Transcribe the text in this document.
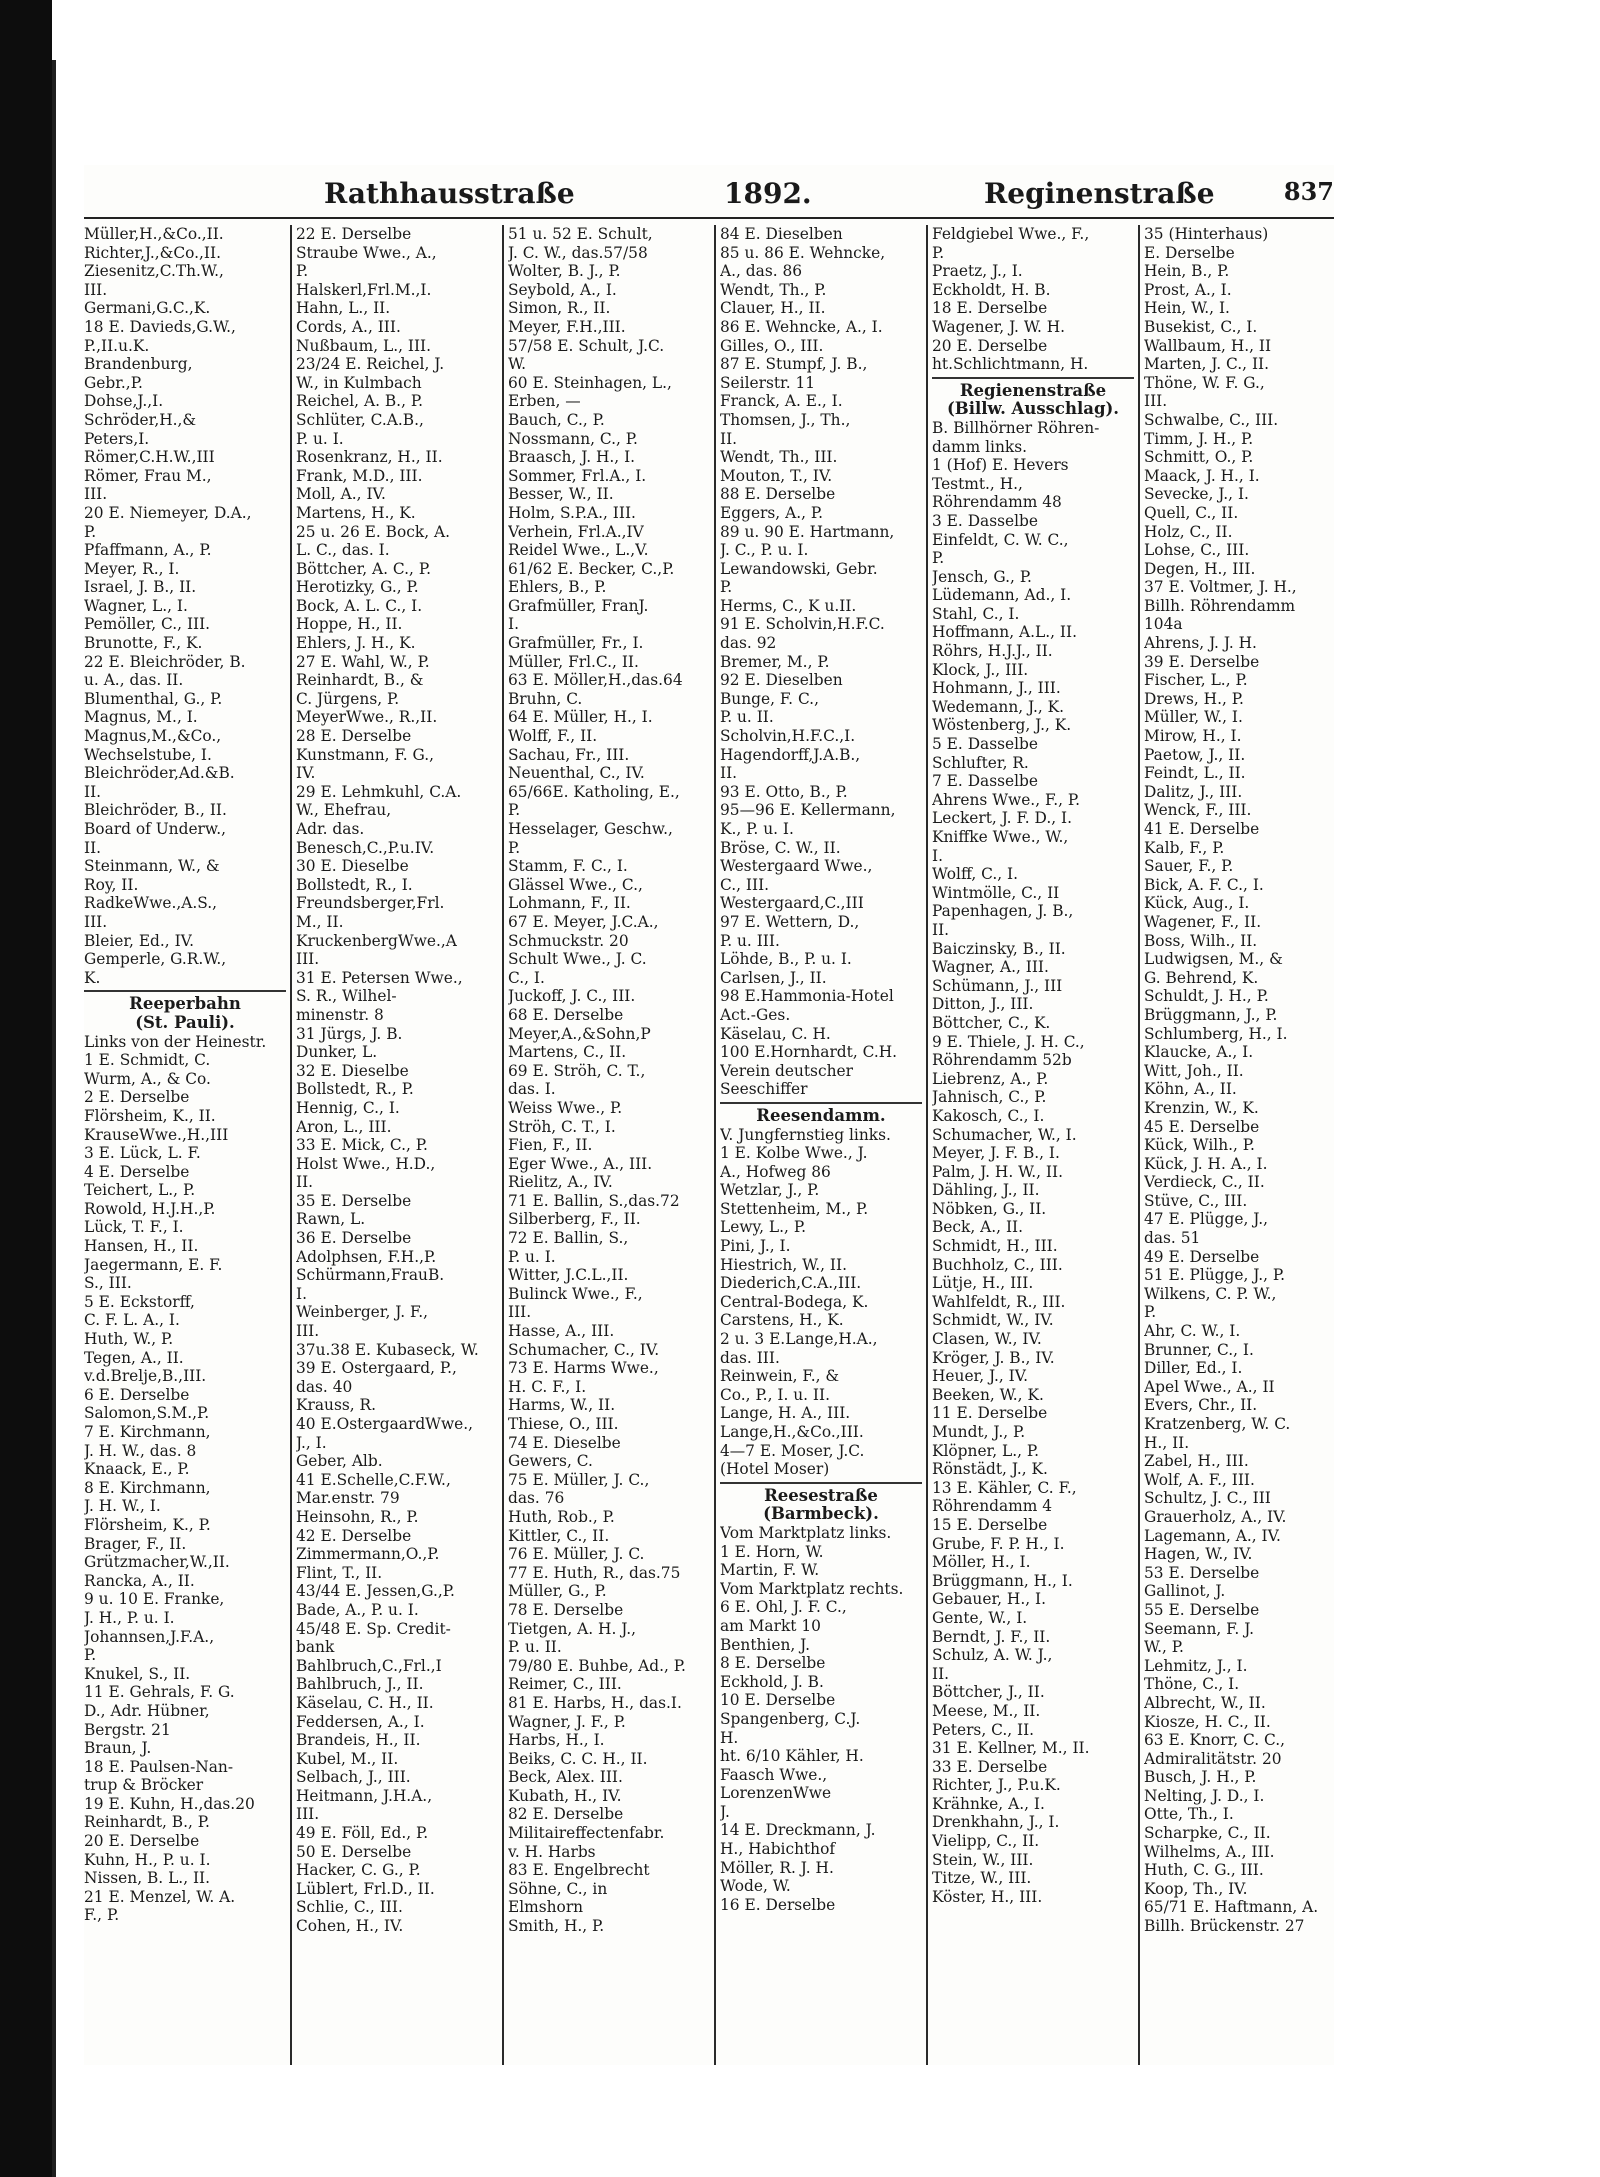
Rathhausstraße	1892.	Reginenstraße	837
Müller,H.,&Co.,II.
Richter,J.,&Co.,II.
Ziesenitz,C.Th.W.,
III.
Germani,G.C.,K.
18 E. Davieds,G.W.,
P.,II.u.K.
Brandenburg,
Gebr.,P.
Dohse,J.,I.
Schröder,H.,&
Peters,I.
Römer,C.H.W.,III
Römer, Frau M.,
III.
20 E. Niemeyer, D.A.,
P.
Pfaffmann, A., P.
Meyer, R., I.
Israel, J. B., II.
Wagner, L., I.
Pemöller, C., III.
Brunotte, F., K.
22 E. Bleichröder, B.
u. A., das. II.
Blumenthal, G., P.
Magnus, M., I.
Magnus,M.,&Co.,
Wechselstube, I.
Bleichröder,Ad.&B.
II.
Bleichröder, B., II.
Board of Underw.,
II.
Steinmann, W., &
Roy, II.
RadkeWwe.,A.S.,
III.
Bleier, Ed., IV.
Gemperle, G.R.W.,
K.
Reeperbahn
(St. Pauli).
Links von der Heinestr.
1 E. Schmidt, C.
Wurm, A., & Co.
2 E. Derselbe
Flörsheim, K., II.
KrauseWwe.,H.,III
3 E. Lück, L. F.
4 E. Derselbe
Teichert, L., P.
Rowold, H.J.H.,P.
Lück, T. F., I.
Hansen, H., II.
Jaegermann, E. F.
S., III.
5 E. Eckstorff,
C. F. L. A., I.
Huth, W., P.
Tegen, A., II.
v.d.Brelje,B.,III.
6 E. Derselbe
Salomon,S.M.,P.
7 E. Kirchmann,
J. H. W., das. 8
Knaack, E., P.
8 E. Kirchmann,
J. H. W., I.
Flörsheim, K., P.
Brager, F., II.
Grützmacher,W.,II.
Rancka, A., II.
9 u. 10 E. Franke,
J. H., P. u. I.
Johannsen,J.F.A.,
P.
Knukel, S., II.
11 E. Gehrals, F. G.
D., Adr. Hübner,
Bergstr. 21
Braun, J.
18 E. Paulsen-Nan-
trup & Bröcker
19 E. Kuhn, H.,das.20
Reinhardt, B., P.
20 E. Derselbe
Kuhn, H., P. u. I.
Nissen, B. L., II.
21 E. Menzel, W. A.
F., P.
22 E. Derselbe
Straube Wwe., A.,
P.
Halskerl,Frl.M.,I.
Hahn, L., II.
Cords, A., III.
Nußbaum, L., III.
23/24 E. Reichel, J.
W., in Kulmbach
Reichel, A. B., P.
Schlüter, C.A.B.,
P. u. I.
Rosenkranz, H., II.
Frank, M.D., III.
Moll, A., IV.
Martens, H., K.
25 u. 26 E. Bock, A.
L. C., das. I.
Böttcher, A. C., P.
Herotizky, G., P.
Bock, A. L. C., I.
Hoppe, H., II.
Ehlers, J. H., K.
27 E. Wahl, W., P.
Reinhardt, B., &
C. Jürgens, P.
MeyerWwe., R.,II.
28 E. Derselbe
Kunstmann, F. G.,
IV.
29 E. Lehmkuhl, C.A.
W., Ehefrau,
Adr. das.
Benesch,C.,P.u.IV.
30 E. Dieselbe
Bollstedt, R., I.
Freundsberger,Frl.
M., II.
KruckenbergWwe.,A
III.
31 E. Petersen Wwe.,
S. R., Wilhel-
minenstr. 8
31 Jürgs, J. B.
Dunker, L.
32 E. Dieselbe
Bollstedt, R., P.
Hennig, C., I.
Aron, L., III.
33 E. Mick, C., P.
Holst Wwe., H.D.,
II.
35 E. Derselbe
Rawn, L.
36 E. Derselbe
Adolphsen, F.H.,P.
Schürmann,FrauB.
I.
Weinberger, J. F.,
III.
37u.38 E. Kubaseck, W.
39 E. Ostergaard, P.,
das. 40
Krauss, R.
40 E.OstergaardWwe.,
J., I.
Geber, Alb.
41 E.Schelle,C.F.W.,
Mar.enstr. 79
Heinsohn, R., P.
42 E. Derselbe
Zimmermann,O.,P.
Flint, T., II.
43/44 E. Jessen,G.,P.
Bade, A., P. u. I.
45/48 E. Sp. Credit-
bank
Bahlbruch,C.,Frl.,I
Bahlbruch, J., II.
Käselau, C. H., II.
Feddersen, A., I.
Brandeis, H., II.
Kubel, M., II.
Selbach, J., III.
Heitmann, J.H.A.,
III.
49 E. Föll, Ed., P.
50 E. Derselbe
Hacker, C. G., P.
Lüblert, Frl.D., II.
Schlie, C., III.
Cohen, H., IV.
51 u. 52 E. Schult,
J. C. W., das.57/58
Wolter, B. J., P.
Seybold, A., I.
Simon, R., II.
Meyer, F.H.,III.
57/58 E. Schult, J.C.
W.
60 E. Steinhagen, L.,
Erben, —
Bauch, C., P.
Nossmann, C., P.
Braasch, J. H., I.
Sommer, Frl.A., I.
Besser, W., II.
Holm, S.P.A., III.
Verhein, Frl.A.,IV
Reidel Wwe., L.,V.
61/62 E. Becker, C.,P.
Ehlers, B., P.
Grafmüller, FranJ.
I.
Grafmüller, Fr., I.
Müller, Frl.C., II.
63 E. Möller,H.,das.64
Bruhn, C.
64 E. Müller, H., I.
Wolff, F., II.
Sachau, Fr., III.
Neuenthal, C., IV.
65/66E. Katholing, E.,
P.
Hesselager, Geschw.,
P.
Stamm, F. C., I.
Glässel Wwe., C.,
Lohmann, F., II.
67 E. Meyer, J.C.A.,
Schmuckstr. 20
Schult Wwe., J. C.
C., I.
Juckoff, J. C., III.
68 E. Derselbe
Meyer,A.,&Sohn,P
Martens, C., II.
69 E. Ströh, C. T.,
das. I.
Weiss Wwe., P.
Ströh, C. T., I.
Fien, F., II.
Eger Wwe., A., III.
Rielitz, A., IV.
71 E. Ballin, S.,das.72
Silberberg, F., II.
72 E. Ballin, S.,
P. u. I.
Witter, J.C.L.,II.
Bulinck Wwe., F.,
III.
Hasse, A., III.
Schumacher, C., IV.
73 E. Harms Wwe.,
H. C. F., I.
Harms, W., II.
Thiese, O., III.
74 E. Dieselbe
Gewers, C.
75 E. Müller, J. C.,
das. 76
Huth, Rob., P.
Kittler, C., II.
76 E. Müller, J. C.
77 E. Huth, R., das.75
Müller, G., P.
78 E. Derselbe
Tietgen, A. H. J.,
P. u. II.
79/80 E. Buhbe, Ad., P.
Reimer, C., III.
81 E. Harbs, H., das.I.
Wagner, J. F., P.
Harbs, H., I.
Beiks, C. C. H., II.
Beck, Alex. III.
Kubath, H., IV.
82 E. Derselbe
Militaireffectenfabr.
v. H. Harbs
83 E. Engelbrecht
Söhne, C., in
Elmshorn
Smith, H., P.
84 E. Dieselben
85 u. 86 E. Wehncke,
A., das. 86
Wendt, Th., P.
Clauer, H., II.
86 E. Wehncke, A., I.
Gilles, O., III.
87 E. Stumpf, J. B.,
Seilerstr. 11
Franck, A. E., I.
Thomsen, J., Th.,
II.
Wendt, Th., III.
Mouton, T., IV.
88 E. Derselbe
Eggers, A., P.
89 u. 90 E. Hartmann,
J. C., P. u. I.
Lewandowski, Gebr.
P.
Herms, C., K u.II.
91 E. Scholvin,H.F.C.
das. 92
Bremer, M., P.
92 E. Dieselben
Bunge, F. C.,
P. u. II.
Scholvin,H.F.C.,I.
Hagendorff,J.A.B.,
II.
93 E. Otto, B., P.
95—96 E. Kellermann,
K., P. u. I.
Bröse, C. W., II.
Westergaard Wwe.,
C., III.
Westergaard,C.,III
97 E. Wettern, D.,
P. u. III.
Löhde, B., P. u. I.
Carlsen, J., II.
98 E.Hammonia-Hotel
Act.-Ges.
Käselau, C. H.
100 E.Hornhardt, C.H.
Verein deutscher
Seeschiffer
Reesendamm.
V. Jungfernstieg links.
1 E. Kolbe Wwe., J.
A., Hofweg 86
Wetzlar, J., P.
Stettenheim, M., P.
Lewy, L., P.
Pini, J., I.
Hiestrich, W., II.
Diederich,C.A.,III.
Central-Bodega, K.
Carstens, H., K.
2 u. 3 E.Lange,H.A.,
das. III.
Reinwein, F., &
Co., P., I. u. II.
Lange, H. A., III.
Lange,H.,&Co.,III.
4—7 E. Moser, J.C.
(Hotel Moser)
Reesestraße
(Barmbeck).
Vom Marktplatz links.
1 E. Horn, W.
Martin, F. W.
Vom Marktplatz rechts.
6 E. Ohl, J. F. C.,
am Markt 10
Benthien, J.
8 E. Derselbe
Eckhold, J. B.
10 E. Derselbe
Spangenberg, C.J.
H.
ht. 6/10 Kähler, H.
Faasch Wwe.,
LorenzenWwe
J.
14 E. Dreckmann, J.
H., Habichthof
Möller, R. J. H.
Wode, W.
16 E. Derselbe
Feldgiebel Wwe., F.,
P.
Praetz, J., I.
Eckholdt, H. B.
18 E. Derselbe
Wagener, J. W. H.
20 E. Derselbe
ht.Schlichtmann, H.
Regienenstraße
(Billw. Ausschlag).
B. Billhörner Röhren-
damm links.
1 (Hof) E. Hevers
Testmt., H.,
Röhrendamm 48
3 E. Dasselbe
Einfeldt, C. W. C.,
P.
Jensch, G., P.
Lüdemann, Ad., I.
Stahl, C., I.
Hoffmann, A.L., II.
Röhrs, H.J.J., II.
Klock, J., III.
Hohmann, J., III.
Wedemann, J., K.
Wöstenberg, J., K.
5 E. Dasselbe
Schlufter, R.
7 E. Dasselbe
Ahrens Wwe., F., P.
Leckert, J. F. D., I.
Kniffke Wwe., W.,
I.
Wolff, C., I.
Wintmölle, C., II
Papenhagen, J. B.,
II.
Baiczinsky, B., II.
Wagner, A., III.
Schümann, J., III
Ditton, J., III.
Böttcher, C., K.
9 E. Thiele, J. H. C.,
Röhrendamm 52b
Liebrenz, A., P.
Jahnisch, C., P.
Kakosch, C., I.
Schumacher, W., I.
Meyer, J. F. B., I.
Palm, J. H. W., II.
Dähling, J., II.
Nöbken, G., II.
Beck, A., II.
Schmidt, H., III.
Buchholz, C., III.
Lütje, H., III.
Wahlfeldt, R., III.
Schmidt, W., IV.
Clasen, W., IV.
Kröger, J. B., IV.
Heuer, J., IV.
Beeken, W., K.
11 E. Derselbe
Mundt, J., P.
Klöpner, L., P.
Rönstädt, J., K.
13 E. Kähler, C. F.,
Röhrendamm 4
15 E. Derselbe
Grube, F. P. H., I.
Möller, H., I.
Brüggmann, H., I.
Gebauer, H., I.
Gente, W., I.
Berndt, J. F., II.
Schulz, A. W. J.,
II.
Böttcher, J., II.
Meese, M., II.
Peters, C., II.
31 E. Kellner, M., II.
33 E. Derselbe
Richter, J., P.u.K.
Krähnke, A., I.
Drenkhahn, J., I.
Vielipp, C., II.
Stein, W., III.
Titze, W., III.
Köster, H., III.
35 (Hinterhaus)
E. Derselbe
Hein, B., P.
Prost, A., I.
Hein, W., I.
Busekist, C., I.
Wallbaum, H., II
Marten, J. C., II.
Thöne, W. F. G.,
III.
Schwalbe, C., III.
Timm, J. H., P.
Schmitt, O., P.
Maack, J. H., I.
Sevecke, J., I.
Quell, C., II.
Holz, C., II.
Lohse, C., III.
Degen, H., III.
37 E. Voltmer, J. H.,
Billh. Röhrendamm
104a
Ahrens, J. J. H.
39 E. Derselbe
Fischer, L., P.
Drews, H., P.
Müller, W., I.
Mirow, H., I.
Paetow, J., II.
Feindt, L., II.
Dalitz, J., III.
Wenck, F., III.
41 E. Derselbe
Kalb, F., P.
Sauer, F., P.
Bick, A. F. C., I.
Kück, Aug., I.
Wagener, F., II.
Boss, Wilh., II.
Ludwigsen, M., &
G. Behrend, K.
Schuldt, J. H., P.
Brüggmann, J., P.
Schlumberg, H., I.
Klaucke, A., I.
Witt, Joh., II.
Köhn, A., II.
Krenzin, W., K.
45 E. Derselbe
Kück, Wilh., P.
Kück, J. H. A., I.
Verdieck, C., II.
Stüve, C., III.
47 E. Plügge, J.,
das. 51
49 E. Derselbe
51 E. Plügge, J., P.
Wilkens, C. P. W.,
P.
Ahr, C. W., I.
Brunner, C., I.
Diller, Ed., I.
Apel Wwe., A., II
Evers, Chr., II.
Kratzenberg, W. C.
H., II.
Zabel, H., III.
Wolf, A. F., III.
Schultz, J. C., III
Grauerholz, A., IV.
Lagemann, A., IV.
Hagen, W., IV.
53 E. Derselbe
Gallinot, J.
55 E. Derselbe
Seemann, F. J.
W., P.
Lehmitz, J., I.
Thöne, C., I.
Albrecht, W., II.
Kiosze, H. C., II.
63 E. Knorr, C. C.,
Admiralitätstr. 20
Busch, J. H., P.
Nelting, J. D., I.
Otte, Th., I.
Scharpke, C., II.
Wilhelms, A., III.
Huth, C. G., III.
Koop, Th., IV.
65/71 E. Haftmann, A.
Billh. Brückenstr. 27
